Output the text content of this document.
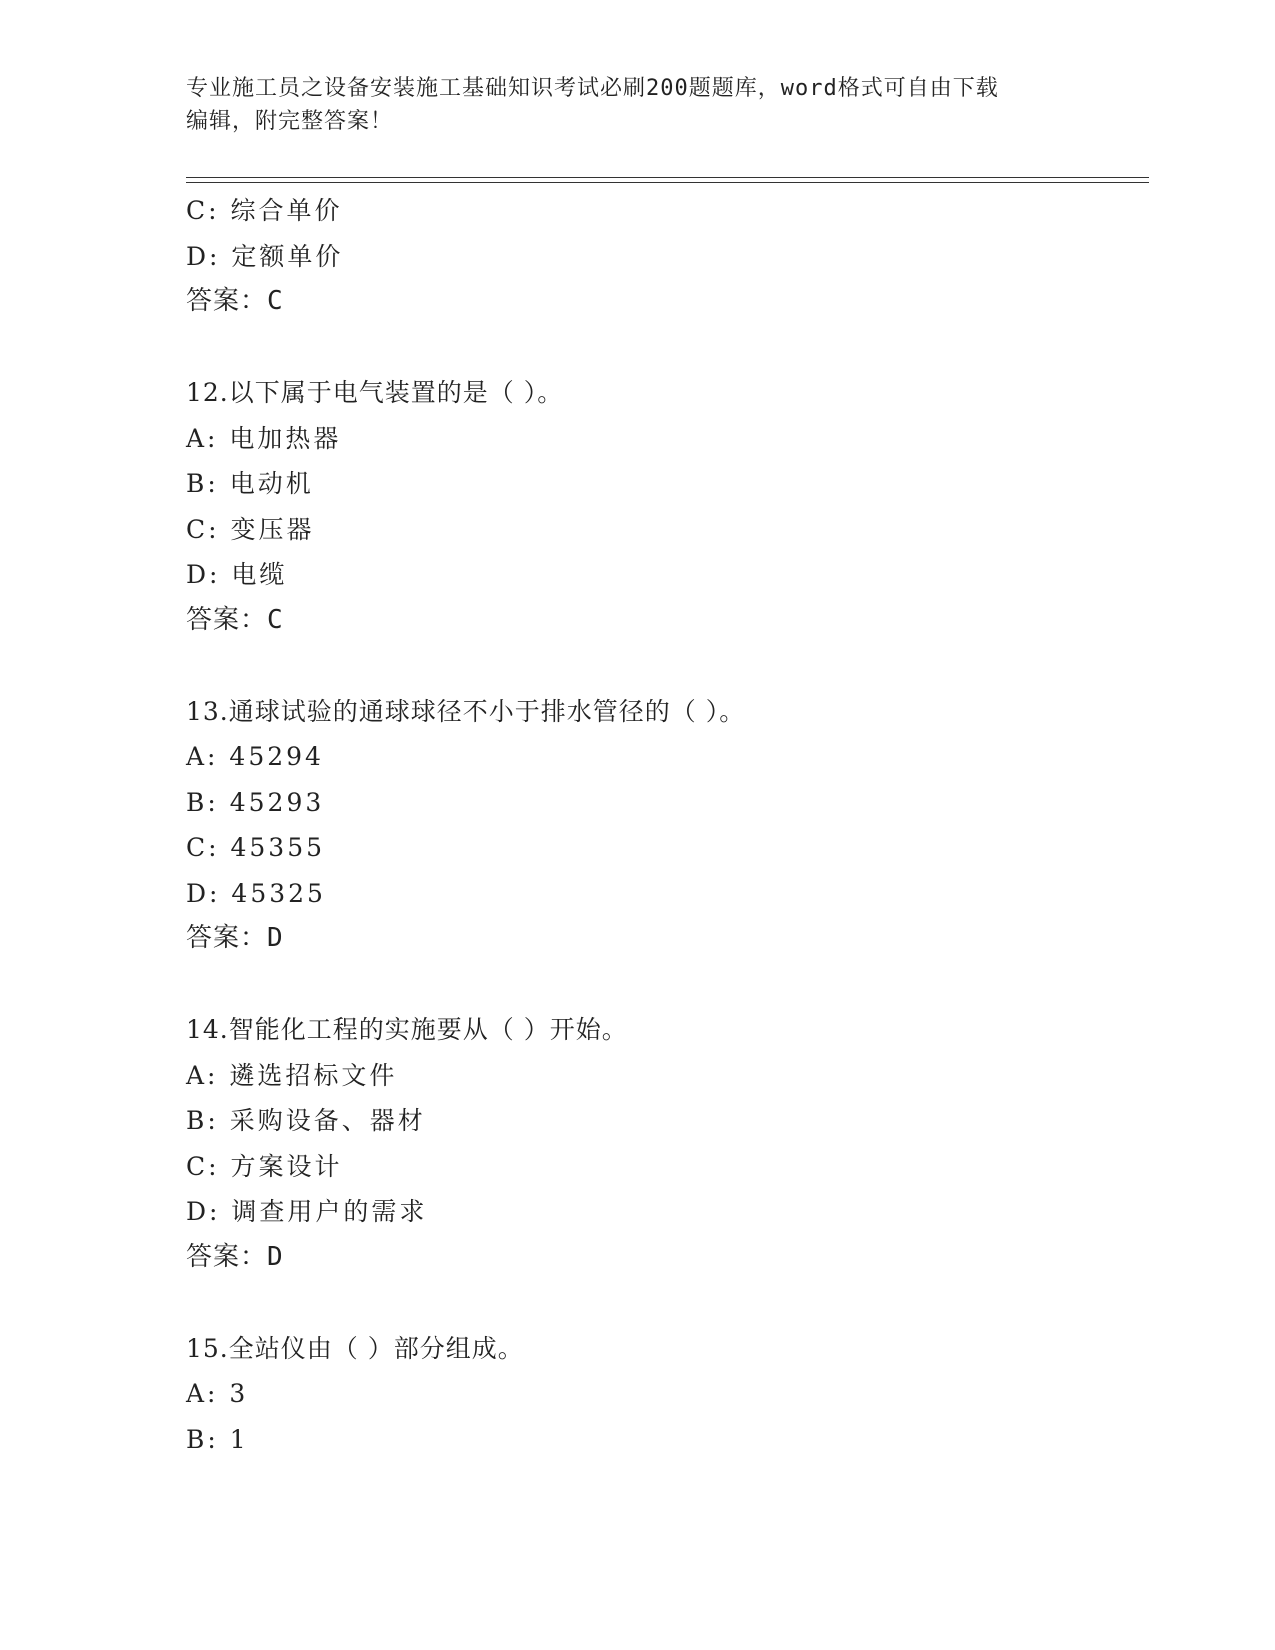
专业施工员之设备安装施工基础知识考试必刷200题题库，word格式可自由下载
编辑，附完整答案！
C: 综合单价
D: 定额单价
答案：C
12.以下属于电气装置的是（ ）。
A: 电加热器
B: 电动机
C: 变压器
D: 电缆
答案：C
13.通球试验的通球球径不小于排水管径的（ ）。
A: 45294
B: 45293
C: 45355
D: 45325
答案：D
14.智能化工程的实施要从（ ）开始。
A: 遴选招标文件
B: 采购设备、器材
C: 方案设计
D: 调查用户的需求
答案：D
15.全站仪由（ ）部分组成。
A: 3
B: 1
